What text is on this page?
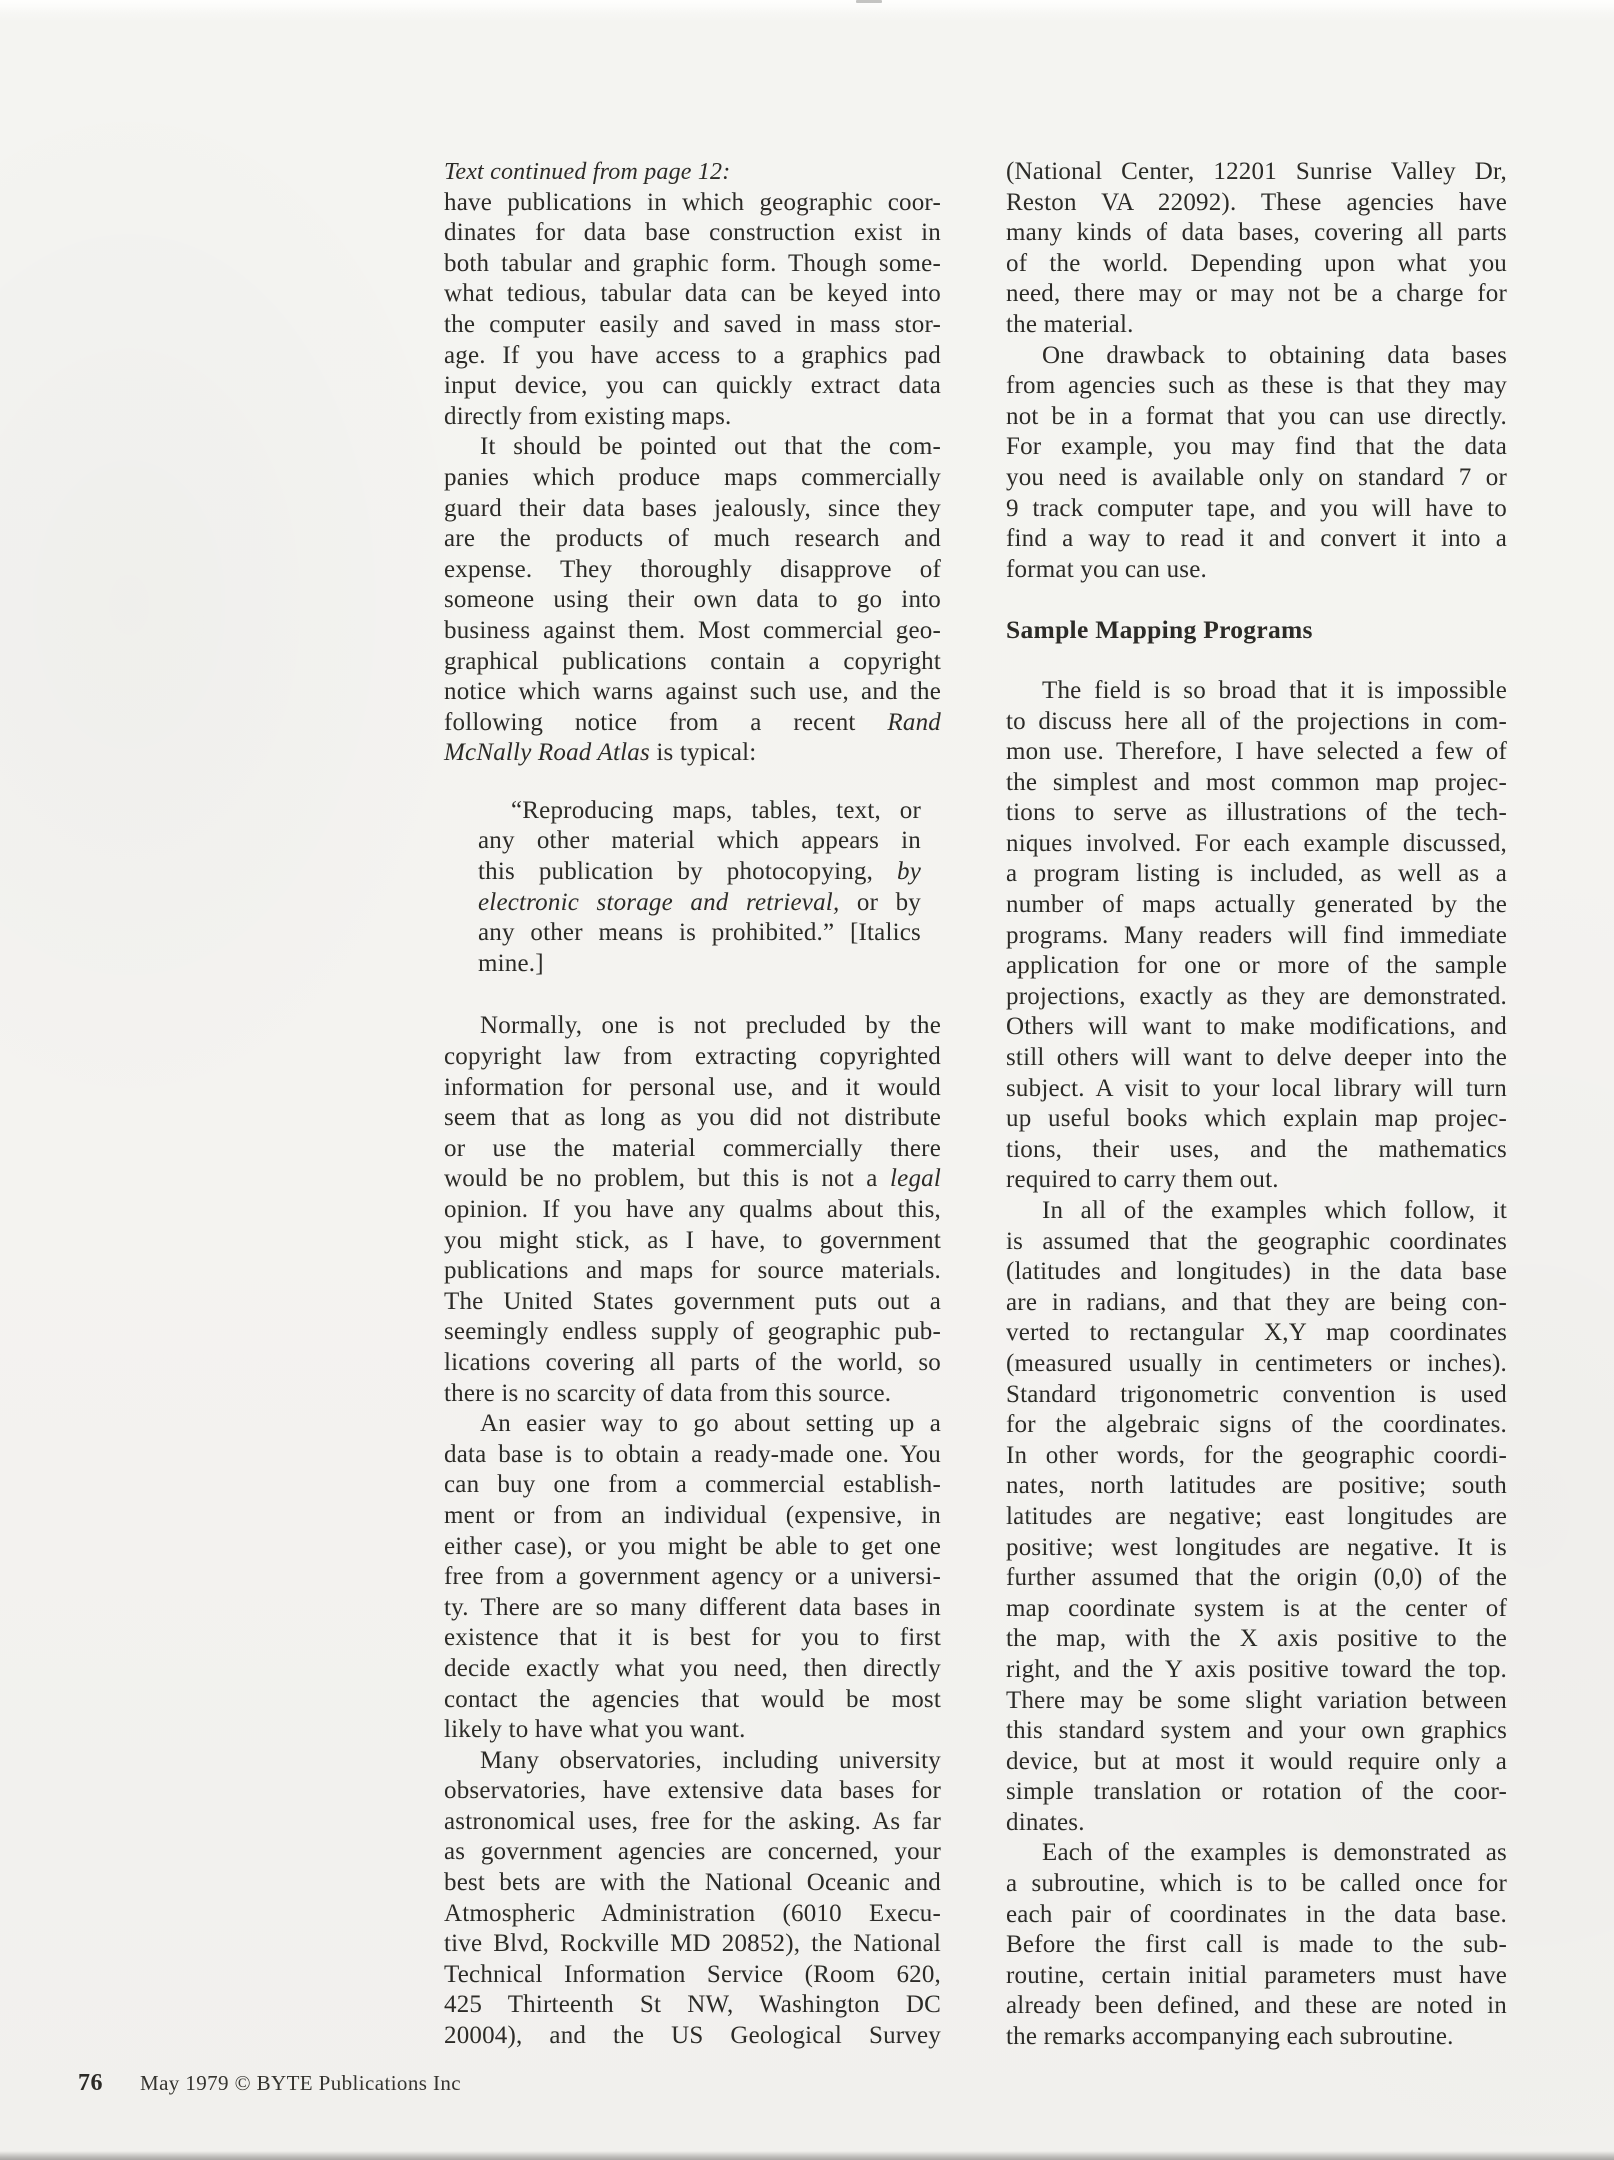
Text continued from page 12:
have publications in which geographic coor-
dinates for data base construction exist in
both tabular and graphic form. Though some-
what tedious, tabular data can be keyed into
the computer easily and saved in mass stor-
age. If you have access to a graphics pad
input device, you can quickly extract data
directly from existing maps.
It should be pointed out that the com-
panies which produce maps commercially
guard their data bases jealously, since they
are the products of much research and
expense. They thoroughly disapprove of
someone using their own data to go into
business against them. Most commercial geo-
graphical publications contain a copyright
notice which warns against such use, and the
following notice from a recent Rand
McNally Road Atlas is typical:
“Reproducing maps, tables, text, or
any other material which appears in
this publication by photocopying, by
electronic storage and retrieval, or by
any other means is prohibited.” [Italics
mine.]
Normally, one is not precluded by the
copyright law from extracting copyrighted
information for personal use, and it would
seem that as long as you did not distribute
or use the material commercially there
would be no problem, but this is not a legal
opinion. If you have any qualms about this,
you might stick, as I have, to government
publications and maps for source materials.
The United States government puts out a
seemingly endless supply of geographic pub-
lications covering all parts of the world, so
there is no scarcity of data from this source.
An easier way to go about setting up a
data base is to obtain a ready-made one. You
can buy one from a commercial establish-
ment or from an individual (expensive, in
either case), or you might be able to get one
free from a government agency or a universi-
ty. There are so many different data bases in
existence that it is best for you to first
decide exactly what you need, then directly
contact the agencies that would be most
likely to have what you want.
Many observatories, including university
observatories, have extensive data bases for
astronomical uses, free for the asking. As far
as government agencies are concerned, your
best bets are with the National Oceanic and
Atmospheric Administration (6010 Execu-
tive Blvd, Rockville MD 20852), the National
Technical Information Service (Room 620,
425 Thirteenth St NW, Washington DC
20004), and the US Geological Survey
(National Center, 12201 Sunrise Valley Dr,
Reston VA 22092). These agencies have
many kinds of data bases, covering all parts
of the world. Depending upon what you
need, there may or may not be a charge for
the material.
One drawback to obtaining data bases
from agencies such as these is that they may
not be in a format that you can use directly.
For example, you may find that the data
you need is available only on standard 7 or
9 track computer tape, and you will have to
find a way to read it and convert it into a
format you can use.
Sample Mapping Programs
The field is so broad that it is impossible
to discuss here all of the projections in com-
mon use. Therefore, I have selected a few of
the simplest and most common map projec-
tions to serve as illustrations of the tech-
niques involved. For each example discussed,
a program listing is included, as well as a
number of maps actually generated by the
programs. Many readers will find immediate
application for one or more of the sample
projections, exactly as they are demonstrated.
Others will want to make modifications, and
still others will want to delve deeper into the
subject. A visit to your local library will turn
up useful books which explain map projec-
tions, their uses, and the mathematics
required to carry them out.
In all of the examples which follow, it
is assumed that the geographic coordinates
(latitudes and longitudes) in the data base
are in radians, and that they are being con-
verted to rectangular X,Y map coordinates
(measured usually in centimeters or inches).
Standard trigonometric convention is used
for the algebraic signs of the coordinates.
In other words, for the geographic coordi-
nates, north latitudes are positive; south
latitudes are negative; east longitudes are
positive; west longitudes are negative. It is
further assumed that the origin (0,0) of the
map coordinate system is at the center of
the map, with the X axis positive to the
right, and the Y axis positive toward the top.
There may be some slight variation between
this standard system and your own graphics
device, but at most it would require only a
simple translation or rotation of the coor-
dinates.
Each of the examples is demonstrated as
a subroutine, which is to be called once for
each pair of coordinates in the data base.
Before the first call is made to the sub-
routine, certain initial parameters must have
already been defined, and these are noted in
the remarks accompanying each subroutine.
76 May 1979 © BYTE Publications Inc
